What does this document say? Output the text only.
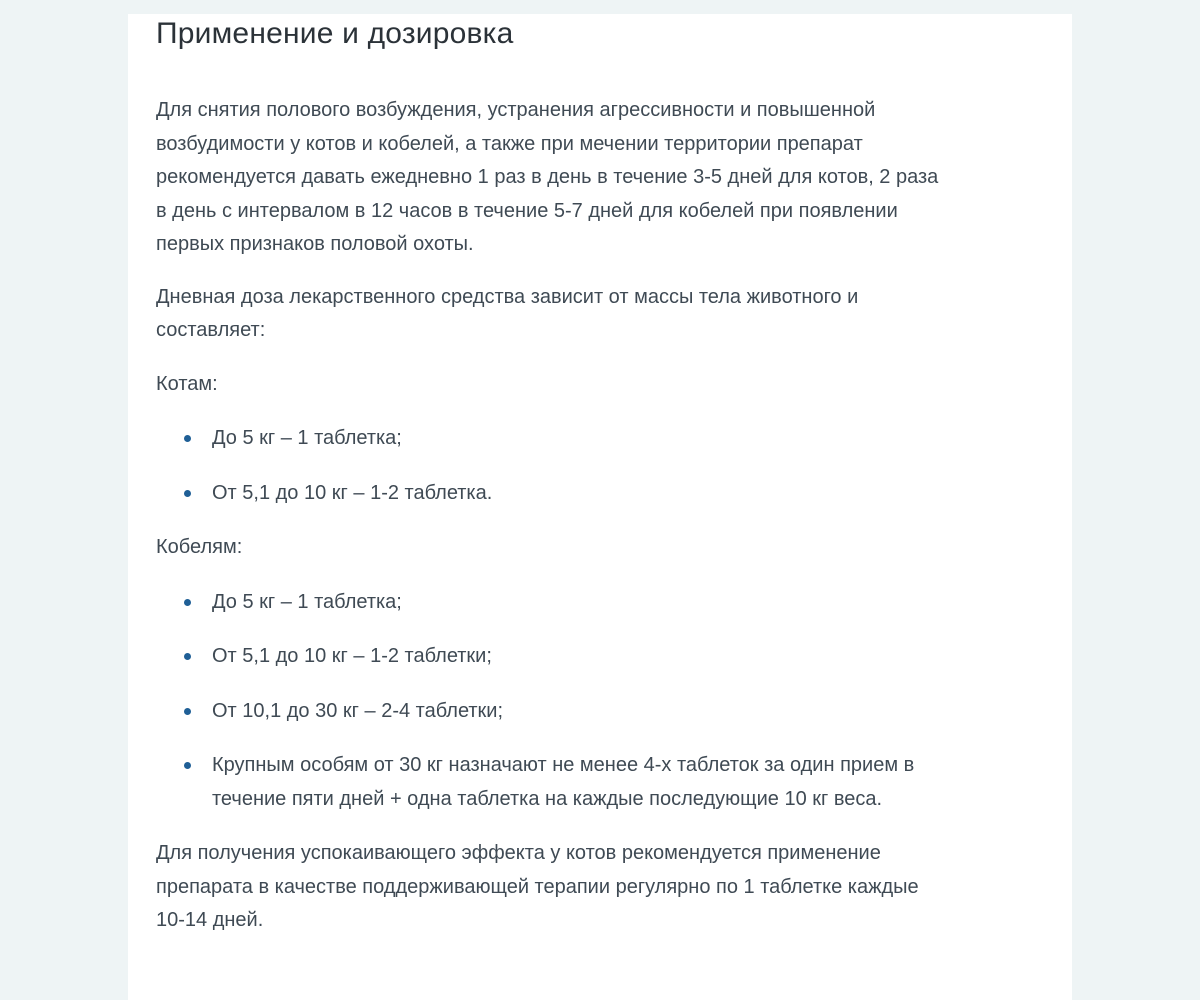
Применение и дозировка

Для снятия полового возбуждения, устранения агрессивности и повышенной возбудимости у котов и кобелей, а также при мечении территории препарат рекомендуется давать ежедневно 1 раз в день в течение 3-5 дней для котов, 2 раза в день с интервалом в 12 часов в течение 5-7 дней для кобелей при появлении первых признаков половой охоты.

Дневная доза лекарственного средства зависит от массы тела животного и составляет:

Котам:

До 5 кг – 1 таблетка;
От 5,1 до 10 кг – 1-2 таблетка.

Кобелям:

До 5 кг – 1 таблетка;
От 5,1 до 10 кг – 1-2 таблетки;
От 10,1 до 30 кг – 2-4 таблетки;
Крупным особям от 30 кг назначают не менее 4-х таблеток за один прием в течение пяти дней + одна таблетка на каждые последующие 10 кг веса.

Для получения успокаивающего эффекта у котов рекомендуется применение препарата в качестве поддерживающей терапии регулярно по 1 таблетке каждые 10-14 дней.
